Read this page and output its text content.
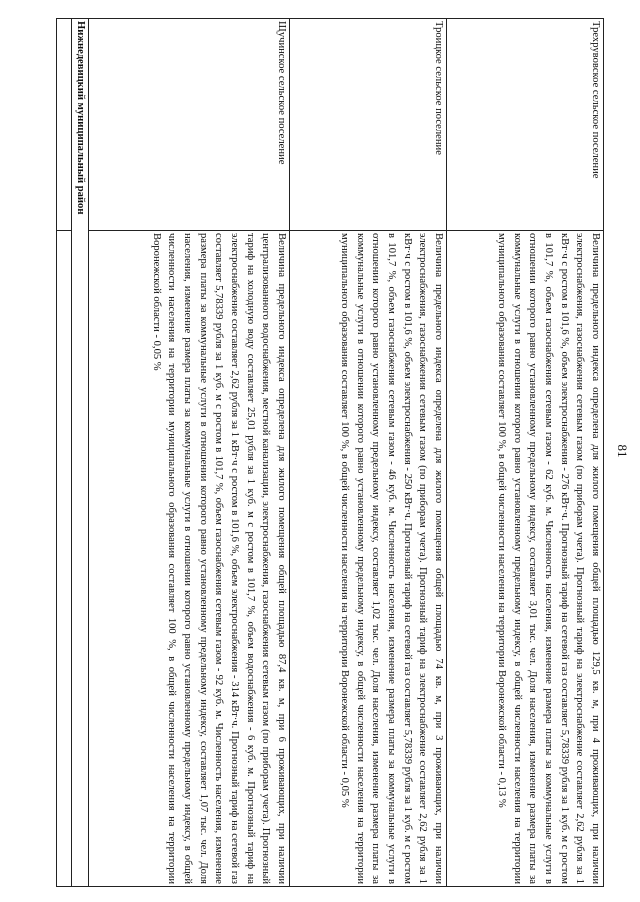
81
Трехрувовское сельское поселение	Величина предельного индекса определена для жилого помещения общей площадью 129,5 кв. м, при 4 проживающих, при наличии электроснабжения, газоснабжения сетевым газом (по приборам учета). Прогнозный тариф на электроснабжение составляет 2,62 рубля за 1 кВт·ч с ростом в 101,6 %, объем электроснабжения - 276 кВт·ч. Прогнозный тариф на сетевой газ составляет 5,78339 рубля за 1 куб. м с ростом в 101,7 %, объем газоснабжения сетевым газом - 62 куб. м. Численность населения, изменение размера платы за коммунальные услуги в отношении которого равно установленному предельному индексу, составляет 3,01 тыс. чел. Доля населения, изменение размера платы за коммунальные услуги в отношении которого равно установленному предельному индексу, в общей численности населения на территории муниципального образования составляет 100 %, в общей численности населения на территории Воронежской области - 0,13 %
Троицкое сельское поселение	Величина предельного индекса определена для жилого помещения общей площадью 74 кв. м, при 3 проживающих, при наличии электроснабжения, газоснабжения сетевым газом (по приборам учета). Прогнозный тариф на электроснабжение составляет 2,62 рубля за 1 кВт·ч с ростом в 101,6 %, объем электроснабжения - 250 кВт·ч. Прогнозный тариф на сетевой газ составляет 5,78339 рубля за 1 куб. м с ростом в 101,7 %, объем газоснабжения сетевым газом - 46 куб. м. Численность населения, изменение размера платы за коммунальные услуги в отношении которого равно установленному предельному индексу, составляет 1,02 тыс. чел. Доля населения, изменение размера платы за коммунальные услуги в отношении которого равно установленному предельному индексу, в общей численности населения на территории муниципального образования составляет 100 %, в общей численности населения на территории Воронежской области - 0,05 %
Щучинское сельское поселение	Величина предельного индекса определена для жилого помещения общей площадью 87,4 кв. м, при 6 проживающих, при наличии централизованного водоснабжения, местной канализации, электроснабжения, газоснабжения сетевым газом (по приборам учета). Прогнозный тариф на холодную воду составляет 25,01 рубля за 1 куб. м с ростом в 101,7 %, объем водоснабжения - 6 куб. м. Прогнозный тариф на электроснабжение составляет 2,62 рубля за 1 кВт·ч с ростом в 101,6 %, объем электроснабжения - 314 кВт·ч. Прогнозный тариф на сетевой газ составляет 5,78339 рубля за 1 куб. м с ростом в 101,7 %, объем газоснабжения сетевым газом - 92 куб. м. Численность населения, изменение размера платы за коммунальные услуги в отношении которого равно установленному предельному индексу, составляет 1,07 тыс. чел. Доля населения, изменение размера платы за коммунальные услуги в отношении которого равно установленному предельному индексу, в общей численности населения на территории муниципального образования составляет 100 %, в общей численности населения на территории Воронежской области - 0,05 %
Нижнедевицкий муниципальный район	
